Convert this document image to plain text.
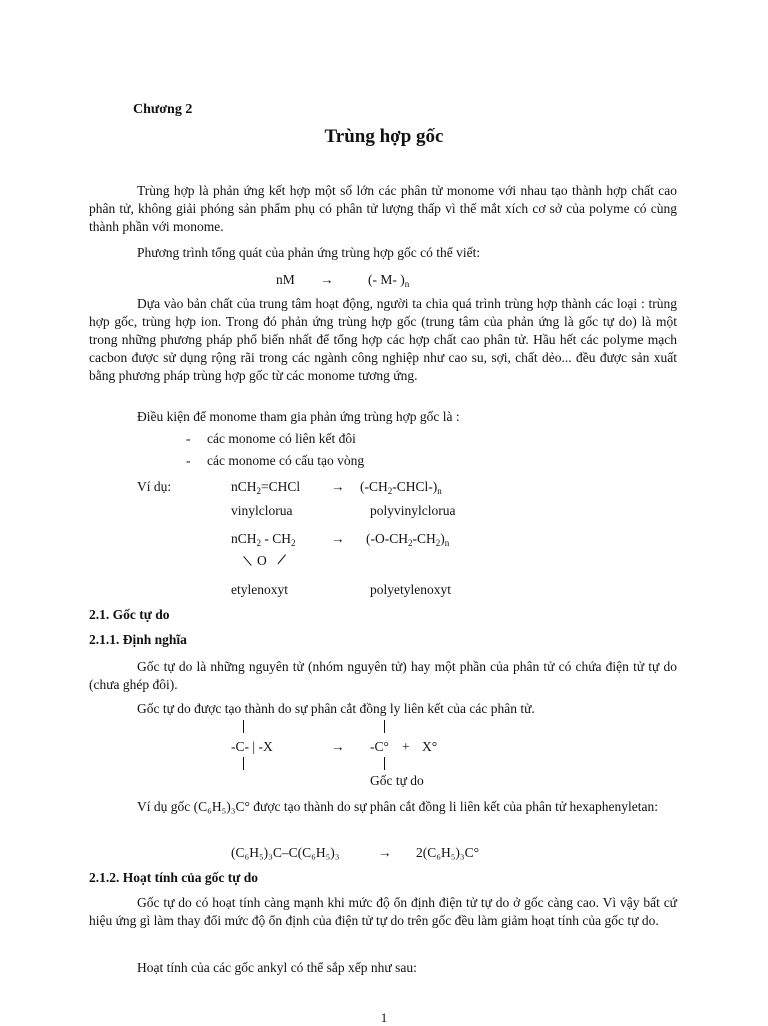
Chương 2
Trùng hợp gốc

Trùng hợp là phản ứng kết hợp một số lớn các phân tử monome với nhau tạo thành hợp chất cao phân tử, không giải phóng sản phẩm phụ có phân tử lượng thấp vì thế mắt xích cơ sở của polyme có cùng thành phần với monome.

Phương trình tổng quát của phản ứng trùng hợp gốc có thể viết:
nM →	(- M- )$_n$

Dựa vào bản chất của trung tâm hoạt động, người ta chia quá trình trùng hợp thành các loại : trùng hợp gốc, trùng hợp ion. Trong đó phản ứng trùng hợp gốc (trung tâm của phản ứng là gốc tự do) là một trong những phương pháp phổ biến nhất để tổng hợp các hợp chất cao phân tử. Hầu hết các polyme mạch cacbon được sử dụng rộng rãi trong các ngành công nghiệp như cao su, sợi, chất dẻo... đều được sản xuất bằng phương pháp trùng hợp gốc từ các monome tương ứng.

Điều kiện để monome tham gia phản ứng trùng hợp gốc là :
- các monome có liên kết đôi
- các monome có cấu tạo vòng
Ví dụ:	nCH$_2$=CHCl → $(-CH_2-CHCl-)_n$
vinylclorua	polyvinylclorua
$nCH_2 - CH_2$
O
→ $(-O-CH_2-CH_2)_n$
etylenoxyt	polyetylenoxyt
2.1. Gốc tự do
2.1.1. Định nghĩa

Gốc tự do là những nguyên tử (nhóm nguyên tử) hay một phần của phân tử có chứa điện tử tự do (chưa ghép đôi).

Gốc tự do được tạo thành do sự phân cắt đồng ly liên kết của các phân tử.
-C- | -X	→ -C° + X°
Gốc tự do

Ví dụ gốc (C₆H₅)₃C° được tạo thành do sự phân cắt đồng li liên kết của phân tử hexaphenyletan:

(C₆H₅)₃C–C(C₆H₅)₃	→ 2(C₆H₅)₃C°
2.1.2. Hoạt tính của gốc tự do

Gốc tự do có hoạt tính càng mạnh khi mức độ ổn định điện tử tự do ở gốc càng cao. Vì vậy bất cứ hiệu ứng gì làm thay đổi mức độ ổn định của điện tử tự do trên gốc đều làm giảm hoạt tính của gốc tự do.

Hoạt tính của các gốc ankyl có thể sắp xếp như sau:
1
